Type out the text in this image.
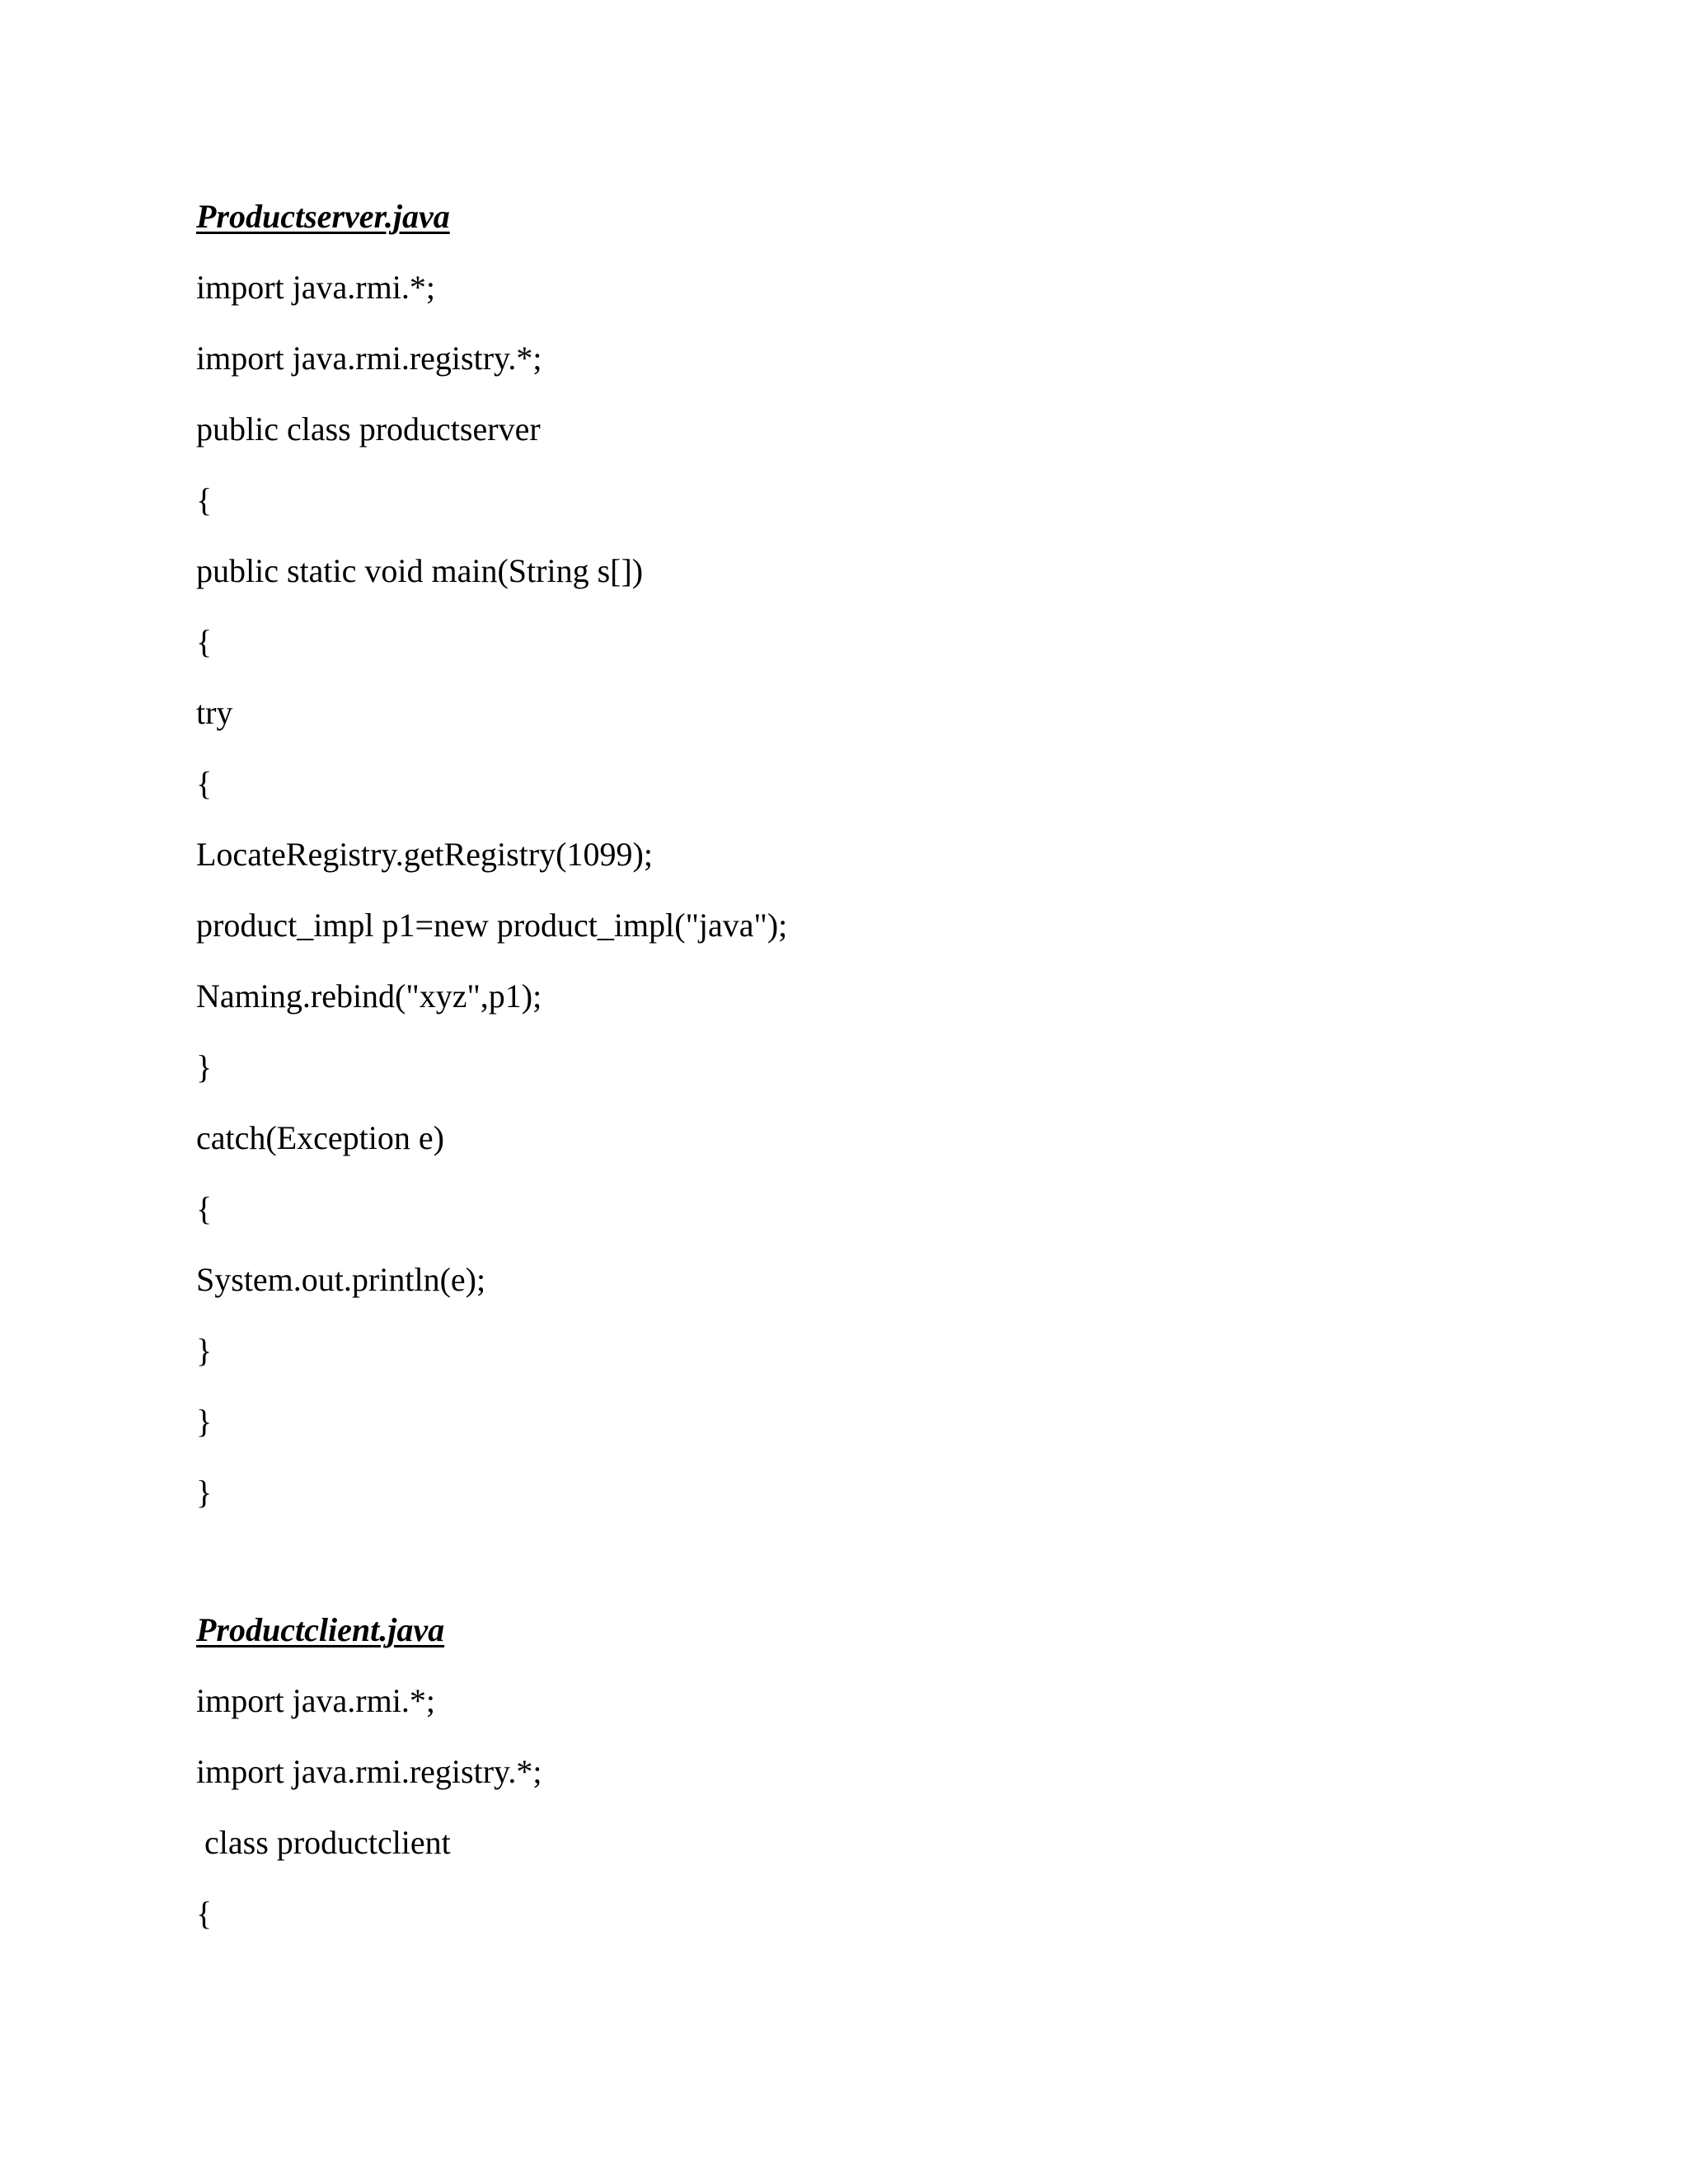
Productserver.java
import java.rmi.*;
import java.rmi.registry.*;
public class productserver
{
public static void main(String s[])
{
try
{
LocateRegistry.getRegistry(1099);
product_impl p1=new product_impl("java");
Naming.rebind("xyz",p1);
}
catch(Exception e)
{
System.out.println(e);
}
}
}
Productclient.java
import java.rmi.*;
import java.rmi.registry.*;
class productclient
{
